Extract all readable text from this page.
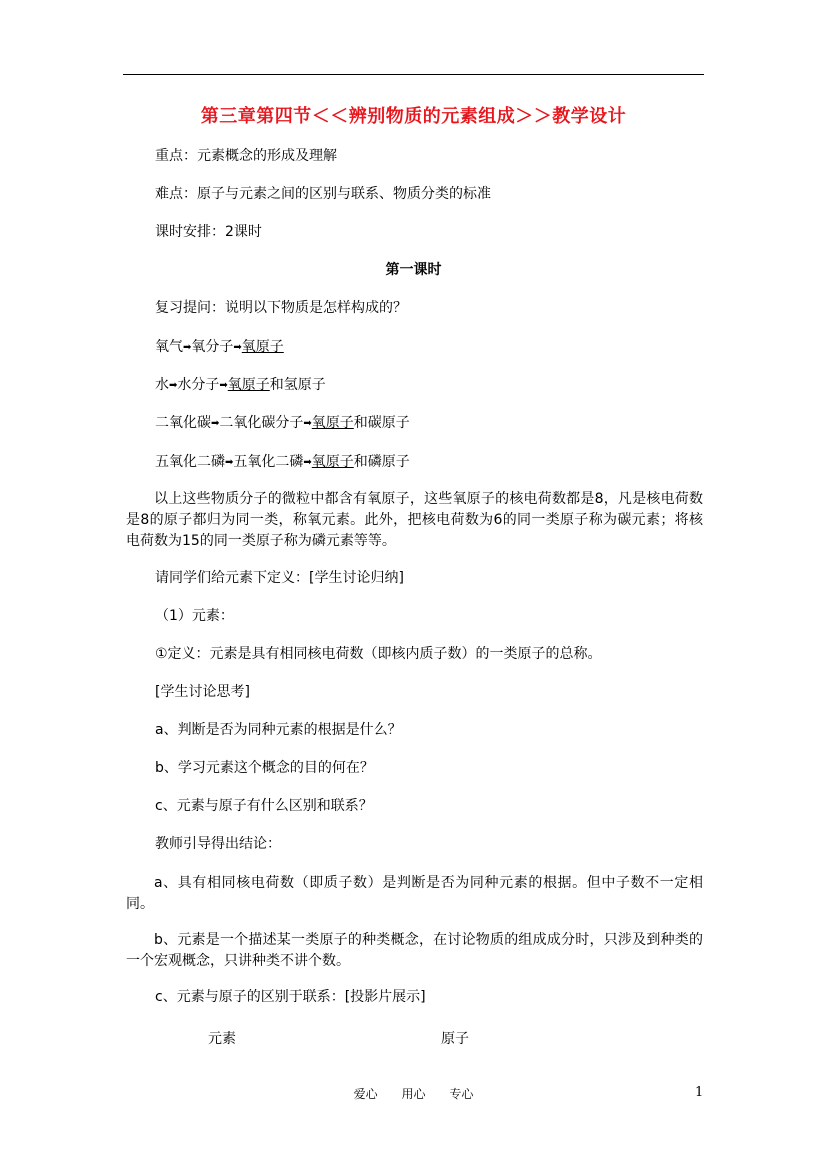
第三章第四节＜＜辨别物质的元素组成＞＞教学设计
重点：元素概念的形成及理解
难点：原子与元素之间的区别与联系、物质分类的标准
课时安排：2课时
第一课时
复习提问：说明以下物质是怎样构成的？
氧气➡氧分子➡氧原子
水➡水分子➡氧原子和氢原子
二氧化碳➡二氧化碳分子➡氧原子和碳原子
五氧化二磷➡五氧化二磷➡氧原子和磷原子
以上这些物质分子的微粒中都含有氧原子，这些氧原子的核电荷数都是8，凡是核电荷数是8的原子都归为同一类，称氧元素。此外，把核电荷数为6的同一类原子称为碳元素；将核电荷数为15的同一类原子称为磷元素等等。
请同学们给元素下定义：[学生讨论归纳]
（1）元素：
①定义：元素是具有相同核电荷数（即核内质子数）的一类原子的总称。
[学生讨论思考]
a、判断是否为同种元素的根据是什么？
b、学习元素这个概念的目的何在？
c、元素与原子有什么区别和联系？
教师引导得出结论：
a、具有相同核电荷数（即质子数）是判断是否为同种元素的根据。但中子数不一定相同。
b、元素是一个描述某一类原子的种类概念，在讨论物质的组成成分时，只涉及到种类的一个宏观概念，只讲种类不讲个数。
c、元素与原子的区别于联系：[投影片展示]
元素	原子
爱心 用心 专心	1
